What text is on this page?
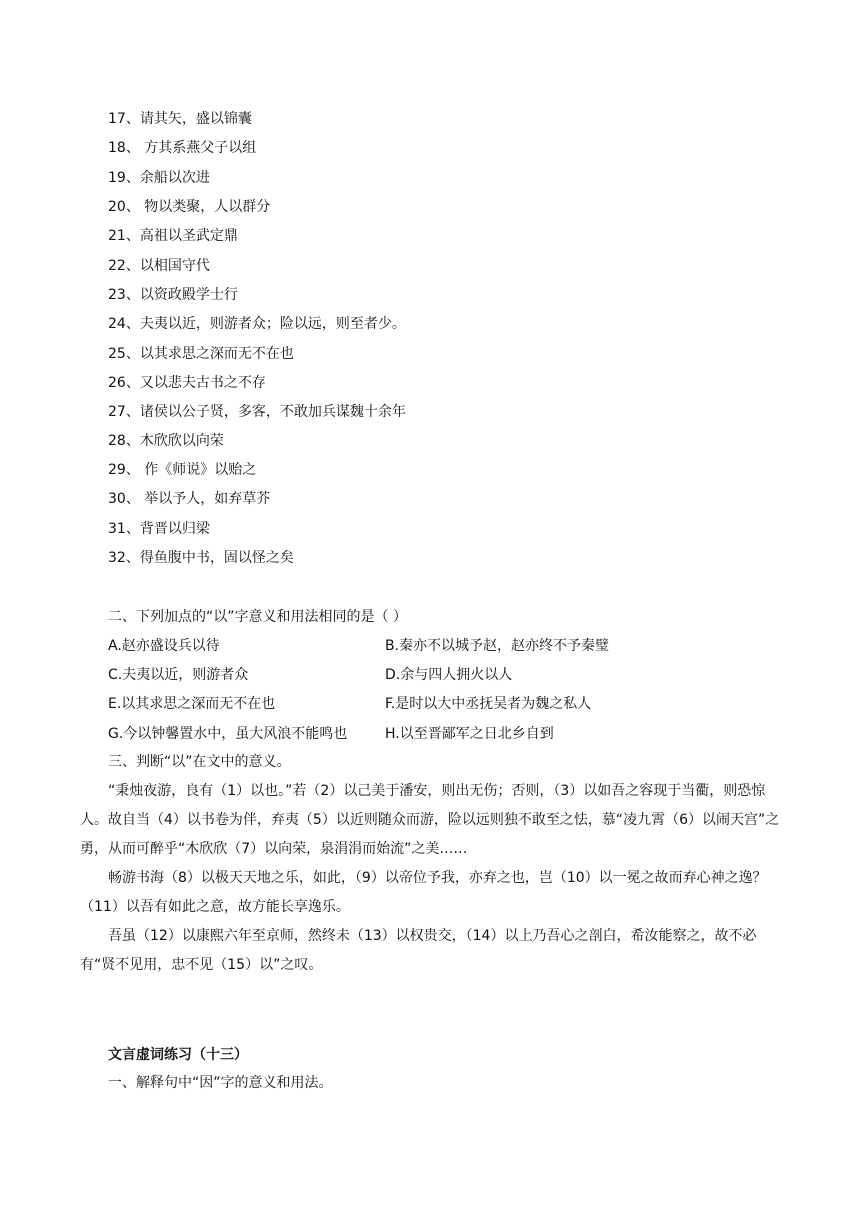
17、请其矢，盛以锦囊
18、 方其系燕父子以组
19、余船以次进
20、 物以类聚，人以群分
21、高祖以圣武定鼎
22、以相国守代
23、以资政殿学士行
24、夫夷以近，则游者众；险以远，则至者少。
25、以其求思之深而无不在也
26、又以悲夫古书之不存
27、诸侯以公子贤，多客，不敢加兵谋魏十余年
28、木欣欣以向荣
29、 作《师说》以贻之
30、 举以予人，如弃草芥
31、背晋以归梁
32、得鱼腹中书，固以怪之矣
二、下列加点的“以”字意义和用法相同的是（ ）
A.赵亦盛设兵以待	B.秦亦不以城予赵，赵亦终不予秦璧
C.夫夷以近，则游者众	D.余与四人拥火以人
E.以其求思之深而无不在也	F.是时以大中丞抚吴者为魏之私人
G.今以钟馨置水中，虽大风浪不能鸣也	H.以至晋鄙军之日北乡自到
三、判断“以”在文中的意义。
“秉烛夜游，良有（1）以也。”若（2）以己美于潘安，则出无伤；否则，（3）以如吾之容现于当衢，则恐惊人。故自当（4）以书卷为伴，弃夷（5）以近则随众而游，险以远则独不敢至之怯，慕“凌九霄（6）以闹天宫”之勇，从而可醉乎“木欣欣（7）以向荣，泉涓涓而始流”之美……
畅游书海（8）以极天天地之乐，如此，（9）以帝位予我，亦弃之也，岂（10）以一冕之故而弃心神之逸？（11）以吾有如此之意，故方能长享逸乐。
吾虽（12）以康熙六年至京师，然终未（13）以权贵交，（14）以上乃吾心之剖白，希汝能察之，故不必有“贤不见用，忠不见（15）以”之叹。
文言虚词练习（十三）
一、解释句中“因”字的意义和用法。
